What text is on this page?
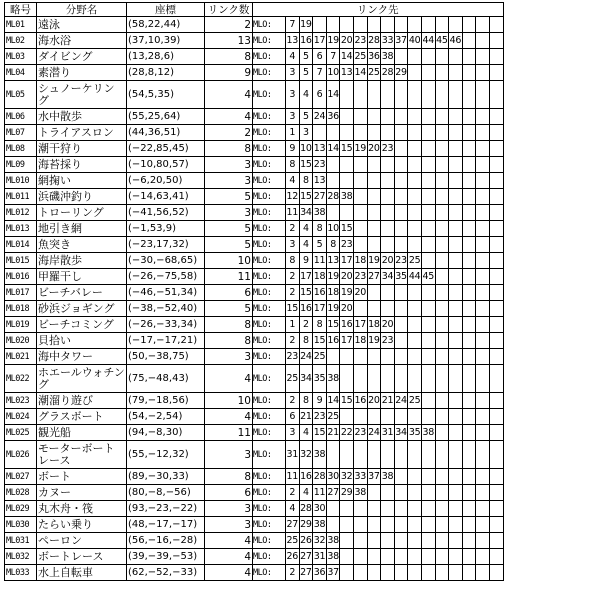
略号	分野名	座標	リンク数	リンク先																
ML01	遠泳	(58,22,44)	2	MLO:	7	19														
ML02	海水浴	(37,10,39)	13	MLO:	13	16	17	19	20	23	28	33	37	40	44	45	46			
ML03	ダイビング	(13,28,6)	8	MLO:	4	5	6	7	14	25	36	38								
ML04	素潜り	(28,8,12)	9	MLO:	3	5	7	10	13	14	25	28	29							
ML05	シュノーケリング	(54,5,35)	4	MLO:	3	4	6	14												
ML06	水中散歩	(55,25,64)	4	MLO:	3	5	24	36												
ML07	トライアスロン	(44,36,51)	2	MLO:	1	3														
ML08	潮干狩り	(−22,85,45)	8	MLO:	9	10	13	14	15	19	20	23								
ML09	海苔採り	(−10,80,57)	3	MLO:	8	15	23													
ML010	網掬い	(−6,20,50)	3	MLO:	4	8	13													
ML011	浜磯沖釣り	(−14,63,41)	5	MLO:	12	15	27	28	38											
ML012	トローリング	(−41,56,52)	3	MLO:	11	34	38													
ML013	地引き網	(−1,53,9)	5	MLO:	2	4	8	10	15											
ML014	魚突き	(−23,17,32)	5	MLO:	3	4	5	8	23											
ML015	海岸散歩	(−30,−68,65)	10	MLO:	8	9	11	13	17	18	19	20	23	25						
ML016	甲羅干し	(−26,−75,58)	11	MLO:	2	17	18	19	20	23	27	34	35	44	45					
ML017	ビーチバレー	(−46,−51,34)	6	MLO:	2	15	16	18	19	20										
ML018	砂浜ジョギング	(−38,−52,40)	5	MLO:	15	16	17	19	20											
ML019	ビーチコミング	(−26,−33,34)	8	MLO:	1	2	8	15	16	17	18	20								
ML020	貝拾い	(−17,−17,21)	8	MLO:	2	8	15	16	17	18	19	23								
ML021	海中タワー	(50,−38,75)	3	MLO:	23	24	25													
ML022	ホエールウォチング	(75,−48,43)	4	MLO:	25	34	35	38												
ML023	潮溜り遊び	(79,−18,56)	10	MLO:	2	8	9	14	15	16	20	21	24	25						
ML024	グラスボート	(54,−2,54)	4	MLO:	6	21	23	25												
ML025	観光船	(94,−8,30)	11	MLO:	3	4	15	21	22	23	24	31	34	35	38					
ML026	モーターボートレース	(55,−12,32)	3	MLO:	31	32	38													
ML027	ボート	(89,−30,33)	8	MLO:	11	16	28	30	32	33	37	38								
ML028	カヌー	(80,−8,−56)	6	MLO:	2	4	11	27	29	38										
ML029	丸木舟・筏	(93,−23,−22)	3	MLO:	4	28	30													
ML030	たらい乗り	(48,−17,−17)	3	MLO:	27	29	38													
ML031	ペーロン	(56,−16,−28)	4	MLO:	25	26	32	38												
ML032	ボートレース	(39,−39,−53)	4	MLO:	26	27	31	38												
ML033	水上自転車	(62,−52,−33)	4	MLO:	2	27	36	37												
